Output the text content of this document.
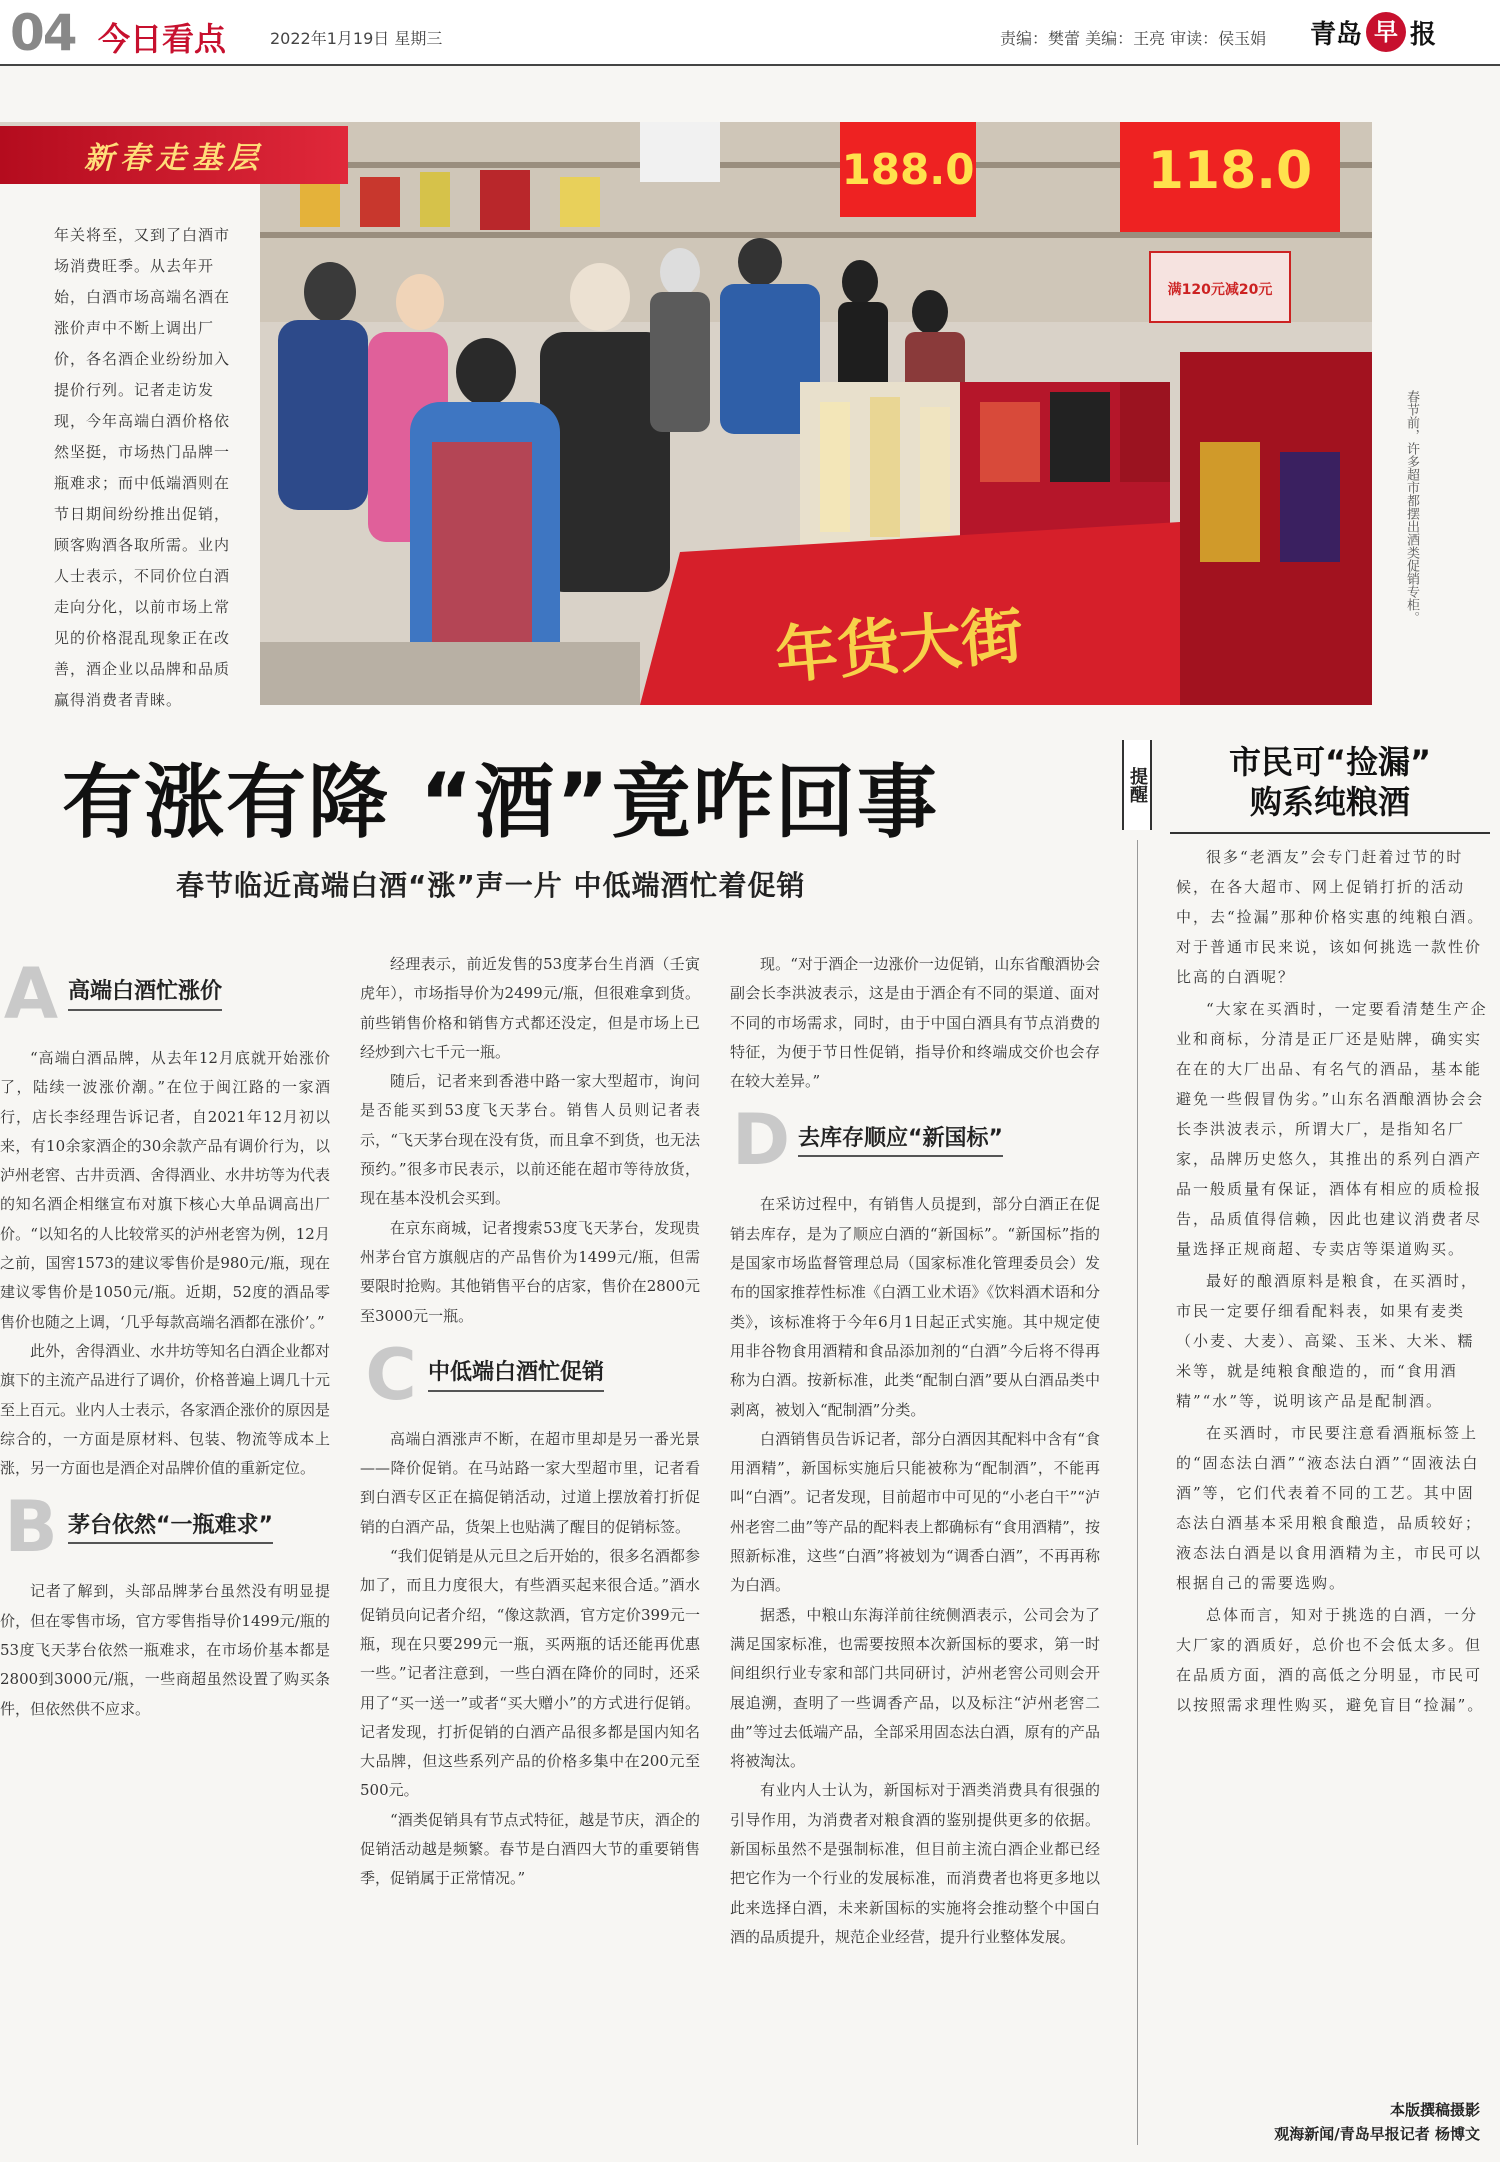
04 今日看点	2022年1月19日 星期三	责编：樊蕾 美编：王亮 审读：侯玉娟 青岛 早 报
188.0	118.0
满120元减20元
年货大街
新春走基层
年关将至，又到了白酒市场消费旺季。从去年开始，白酒市场高端名酒在涨价声中不断上调出厂价，各名酒企业纷纷加入提价行列。记者走访发现，今年高端白酒价格依然坚挺，市场热门品牌一瓶难求；而中低端酒则在节日期间纷纷推出促销，顾客购酒各取所需。业内人士表示，不同价位白酒走向分化，以前市场上常见的价格混乱现象正在改善，酒企业以品牌和品质赢得消费者青睐。
春节前，许多超市都摆出酒类促销专柜。
有涨有降 “酒”竟咋回事
春节临近高端白酒“涨”声一片 中低端酒忙着促销
提醒
A 高端白酒忙涨价

“高端白酒品牌，从去年12月底就开始涨价了，陆续一波涨价潮。”在位于闽江路的一家酒行，店长李经理告诉记者，自2021年12月初以来，有10余家酒企的30余款产品有调价行为，以泸州老窖、古井贡酒、舍得酒业、水井坊等为代表的知名酒企相继宣布对旗下核心大单品调高出厂价。“以知名的人比较常买的泸州老窖为例，12月之前，国窖1573的建议零售价是980元/瓶，现在建议零售价是1050元/瓶。近期，52度的酒品零售价也随之上调，‘几乎每款高端名酒都在涨价’。”

此外，舍得酒业、水井坊等知名白酒企业都对旗下的主流产品进行了调价，价格普遍上调几十元至上百元。业内人士表示，各家酒企涨价的原因是综合的，一方面是原材料、包装、物流等成本上涨，另一方面也是酒企对品牌价值的重新定位。

B 茅台依然“一瓶难求”

记者了解到，头部品牌茅台虽然没有明显提价，但在零售市场，官方零售指导价1499元/瓶的53度飞天茅台依然一瓶难求，在市场价基本都是2800到3000元/瓶，一些商超虽然设置了购买条件，但依然供不应求。

经理表示，前近发售的53度茅台生肖酒（壬寅虎年），市场指导价为2499元/瓶，但很难拿到货。前些销售价格和销售方式都还没定，但是市场上已经炒到六七千元一瓶。

随后，记者来到香港中路一家大型超市，询问是否能买到53度飞天茅台。销售人员则记者表示，“飞天茅台现在没有货，而且拿不到货，也无法预约。”很多市民表示，以前还能在超市等待放货，现在基本没机会买到。

在京东商城，记者搜索53度飞天茅台，发现贵州茅台官方旗舰店的产品售价为1499元/瓶，但需要限时抢购。其他销售平台的店家，售价在2800元至3000元一瓶。

C 中低端白酒忙促销

高端白酒涨声不断，在超市里却是另一番光景——降价促销。在马站路一家大型超市里，记者看到白酒专区正在搞促销活动，过道上摆放着打折促销的白酒产品，货架上也贴满了醒目的促销标签。

“我们促销是从元旦之后开始的，很多名酒都参加了，而且力度很大，有些酒买起来很合适。”酒水促销员向记者介绍，“像这款酒，官方定价399元一瓶，现在只要299元一瓶，买两瓶的话还能再优惠一些。”记者注意到，一些白酒在降价的同时，还采用了“买一送一”或者“买大赠小”的方式进行促销。记者发现，打折促销的白酒产品很多都是国内知名大品牌，但这些系列产品的价格多集中在200元至500元。

“酒类促销具有节点式特征，越是节庆，酒企的促销活动越是频繁。春节是白酒四大节的重要销售季，促销属于正常情况。”

现。“对于酒企一边涨价一边促销，山东省酿酒协会副会长李洪波表示，这是由于酒企有不同的渠道、面对不同的市场需求，同时，由于中国白酒具有节点消费的特征，为便于节日性促销，指导价和终端成交价也会存在较大差异。”

D 去库存顺应“新国标”

在采访过程中，有销售人员提到，部分白酒正在促销去库存，是为了顺应白酒的“新国标”。“新国标”指的是国家市场监督管理总局（国家标准化管理委员会）发布的国家推荐性标准《白酒工业术语》《饮料酒术语和分类》，该标准将于今年6月1日起正式实施。其中规定使用非谷物食用酒精和食品添加剂的“白酒”今后将不得再称为白酒。按新标准，此类“配制白酒”要从白酒品类中剥离，被划入“配制酒”分类。

白酒销售员告诉记者，部分白酒因其配料中含有“食用酒精”，新国标实施后只能被称为“配制酒”，不能再叫“白酒”。记者发现，目前超市中可见的“小老白干”“泸州老窖二曲”等产品的配料表上都确标有“食用酒精”，按照新标准，这些“白酒”将被划为“调香白酒”，不再再称为白酒。

据悉，中粮山东海洋前往统侧酒表示，公司会为了满足国家标准，也需要按照本次新国标的要求，第一时间组织行业专家和部门共同研讨，泸州老窖公司则会开展追溯，查明了一些调香产品，以及标注“泸州老窖二曲”等过去低端产品，全部采用固态法白酒，原有的产品将被淘汰。

有业内人士认为，新国标对于酒类消费具有很强的引导作用，为消费者对粮食酒的鉴别提供更多的依据。新国标虽然不是强制标准，但目前主流白酒企业都已经把它作为一个行业的发展标准，而消费者也将更多地以此来选择白酒，未来新国标的实施将会推动整个中国白酒的品质提升，规范企业经营，提升行业整体发展。

市民可“捡漏”
购系纯粮酒

很多“老酒友”会专门赶着过节的时候，在各大超市、网上促销打折的活动中，去“捡漏”那种价格实惠的纯粮白酒。对于普通市民来说，该如何挑选一款性价比高的白酒呢？

“大家在买酒时，一定要看清楚生产企业和商标，分清是正厂还是贴牌，确实实在在的大厂出品、有名气的酒品，基本能避免一些假冒伪劣。”山东名酒酿酒协会会长李洪波表示，所谓大厂，是指知名厂家，品牌历史悠久，其推出的系列白酒产品一般质量有保证，酒体有相应的质检报告，品质值得信赖，因此也建议消费者尽量选择正规商超、专卖店等渠道购买。

最好的酿酒原料是粮食，在买酒时，市民一定要仔细看配料表，如果有麦类（小麦、大麦）、高粱、玉米、大米、糯米等，就是纯粮食酿造的，而“食用酒精”“水”等，说明该产品是配制酒。

在买酒时，市民要注意看酒瓶标签上的“固态法白酒”“液态法白酒”“固液法白酒”等，它们代表着不同的工艺。其中固态法白酒基本采用粮食酿造，品质较好；液态法白酒是以食用酒精为主，市民可以根据自己的需要选购。

总体而言，知对于挑选的白酒，一分大厂家的酒质好，总价也不会低太多。但在品质方面，酒的高低之分明显，市民可以按照需求理性购买，避免盲目“捡漏”。

本版撰稿摄影
观海新闻/青岛早报记者 杨博文
